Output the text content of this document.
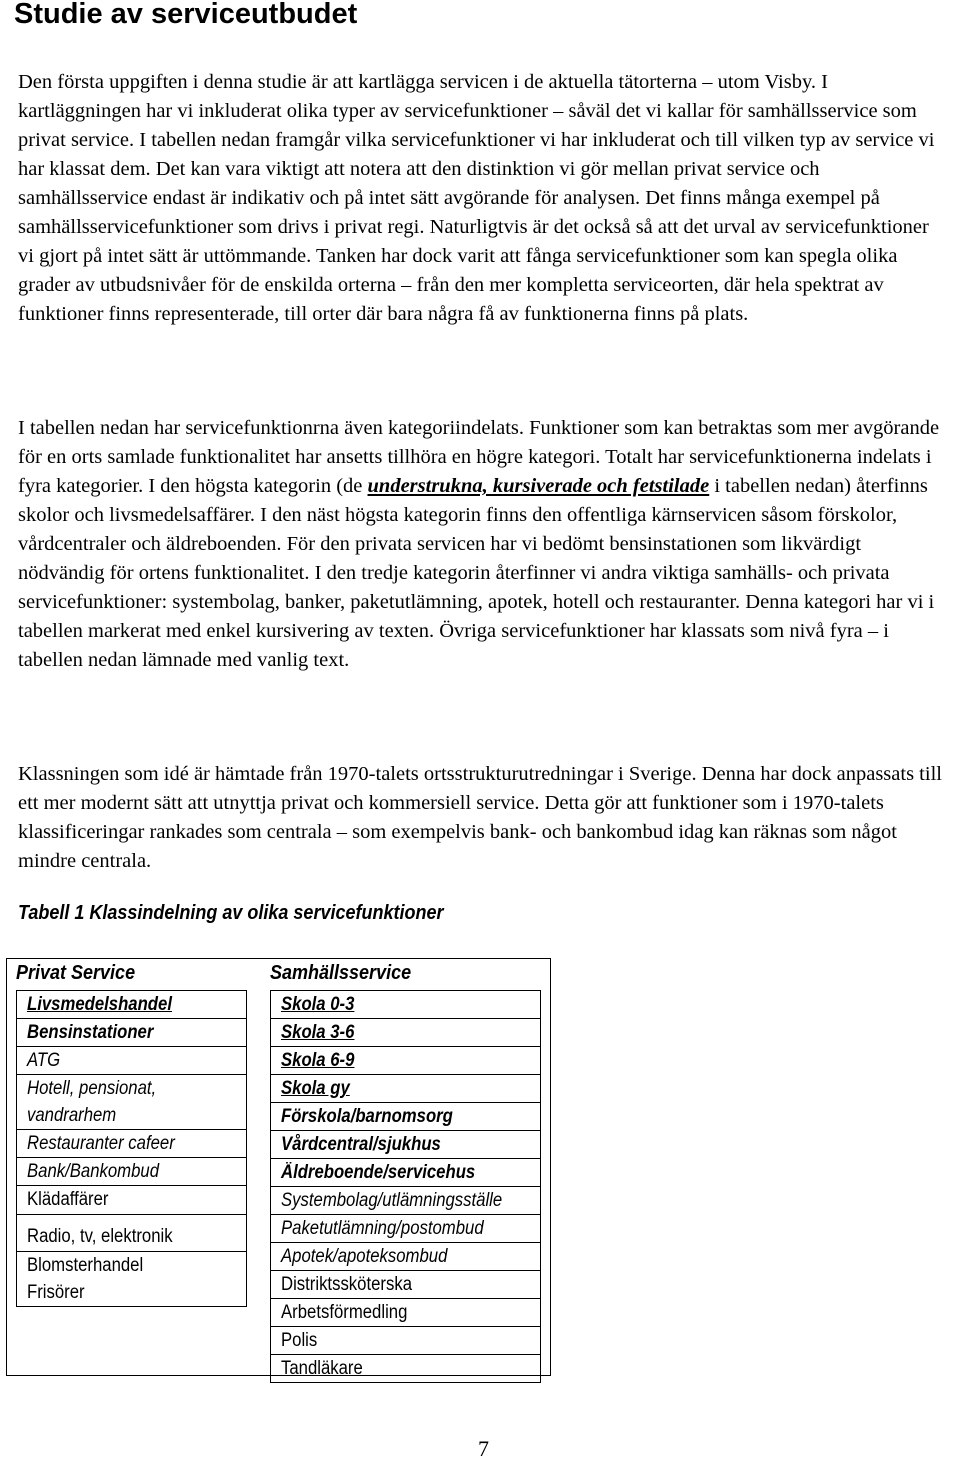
Studie av serviceutbudet

Den första uppgiften i denna studie är att kartlägga servicen i de aktuella tätorterna – utom Visby. I kartläggningen har vi inkluderat olika typer av servicefunktioner – såväl det vi kallar för samhällsservice som privat service. I tabellen nedan framgår vilka servicefunktioner vi har inkluderat och till vilken typ av service vi har klassat dem. Det kan vara viktigt att notera att den distinktion vi gör mellan privat service och samhällsservice endast är indikativ och på intet sätt avgörande för analysen. Det finns många exempel på samhällsservicefunktioner som drivs i privat regi. Naturligtvis är det också så att det urval av servicefunktioner vi gjort på intet sätt är uttömmande. Tanken har dock varit att fånga servicefunktioner som kan spegla olika grader av utbudsnivåer för de enskilda orterna – från den mer kompletta serviceorten, där hela spektrat av funktioner finns representerade, till orter där bara några få av funktionerna finns på plats.

I tabellen nedan har servicefunktionrna även kategoriindelats. Funktioner som kan betraktas som mer avgörande för en orts samlade funktionalitet har ansetts tillhöra en högre kategori. Totalt har servicefunktionerna indelats i fyra kategorier. I den högsta kategorin (de understrukna, kursiverade och fetstilade i tabellen nedan) återfinns skolor och livsmedelsaffärer. I den näst högsta kategorin finns den offentliga kärnservicen såsom förskolor, vårdcentraler och äldreboenden. För den privata servicen har vi bedömt bensinstationen som likvärdigt nödvändig för ortens funktionalitet. I den tredje kategorin återfinner vi andra viktiga samhälls- och privata servicefunktioner: systembolag, banker, paketutlämning, apotek, hotell och restauranter. Denna kategori har vi i tabellen markerat med enkel kursivering av texten. Övriga servicefunktioner har klassats som nivå fyra – i tabellen nedan lämnade med vanlig text.

Klassningen som idé är hämtade från 1970-talets ortsstrukturutredningar i Sverige. Denna har dock anpassats till ett mer modernt sätt att utnyttja privat och kommersiell service. Detta gör att funktioner som i 1970-talets klassificeringar rankades som centrala – som exempelvis bank- och bankombud idag kan räknas som något mindre centrala.

Tabell 1 Klassindelning av olika servicefunktioner

Privat Service	Samhällsservice
Livsmedelshandel
Bensinstationer
ATG
Hotell, pensionat,
vandrarhem
Restauranter cafeer
Bank/Bankombud
Klädaffärer
Radio, tv, elektronik
Blomsterhandel
Frisörer
Skola 0-3
Skola 3-6
Skola 6-9
Skola gy
Förskola/barnomsorg
Vårdcentral/sjukhus
Äldreboende/servicehus
Systembolag/utlämningsställe
Paketutlämning/postombud
Apotek/apoteksombud
Distriktssköterska
Arbetsförmedling
Polis
Tandläkare
7
